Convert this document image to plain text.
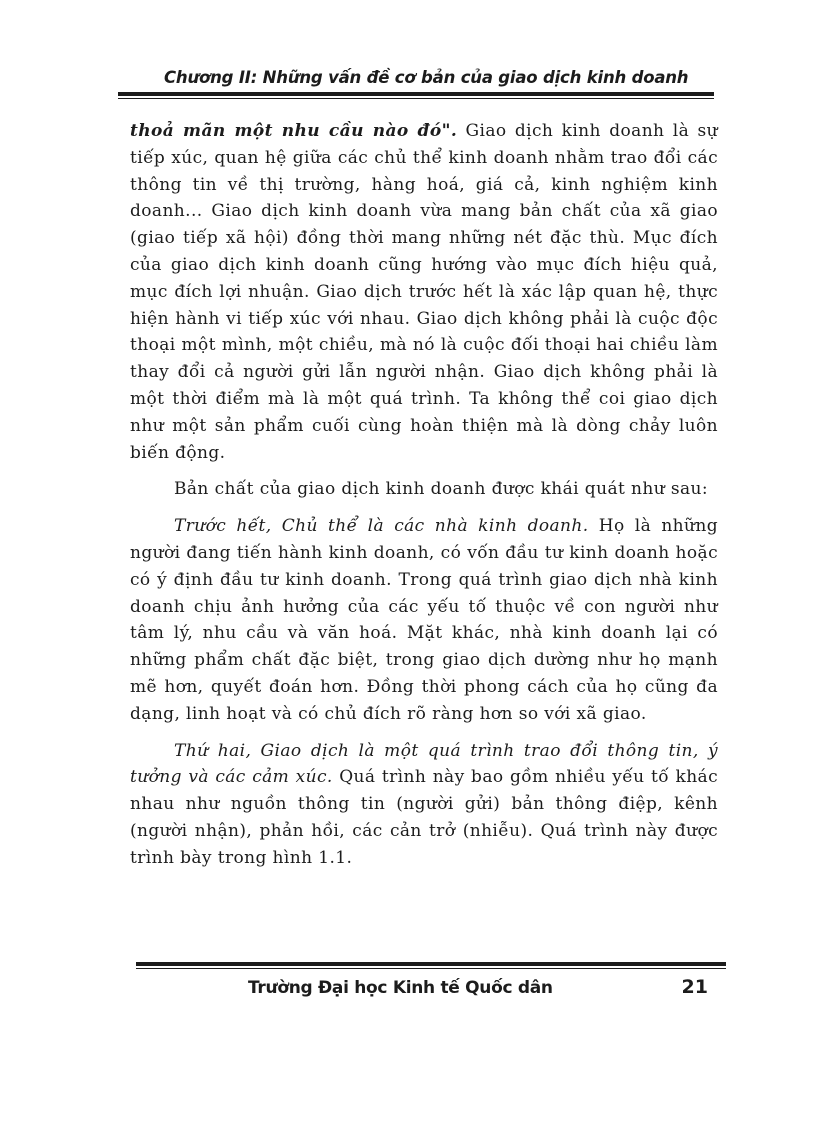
Chương II: Những vấn đề cơ bản của giao dịch kinh doanh

thoả mãn một nhu cầu nào đó". Giao dịch kinh doanh là sự tiếp xúc, quan hệ giữa các chủ thể kinh doanh nhằm trao đổi các thông tin về thị trường, hàng hoá, giá cả, kinh nghiệm kinh doanh... Giao dịch kinh doanh vừa mang bản chất của xã giao (giao tiếp xã hội) đồng thời mang những nét đặc thù. Mục đích của giao dịch kinh doanh cũng hướng vào mục đích hiệu quả, mục đích lợi nhuận. Giao dịch trước hết là xác lập quan hệ, thực hiện hành vi tiếp xúc với nhau. Giao dịch không phải là cuộc độc thoại một mình, một chiều, mà nó là cuộc đối thoại hai chiều làm thay đổi cả người gửi lẫn người nhận. Giao dịch không phải là một thời điểm mà là một quá trình. Ta không thể coi giao dịch như một sản phẩm cuối cùng hoàn thiện mà là dòng chảy luôn biến động.

Bản chất của giao dịch kinh doanh được khái quát như sau:

Trước hết, Chủ thể là các nhà kinh doanh. Họ là những người đang tiến hành kinh doanh, có vốn đầu tư kinh doanh hoặc có ý định đầu tư kinh doanh. Trong quá trình giao dịch nhà kinh doanh chịu ảnh hưởng của các yếu tố thuộc về con người như tâm lý, nhu cầu và văn hoá. Mặt khác, nhà kinh doanh lại có những phẩm chất đặc biệt, trong giao dịch dường như họ mạnh mẽ hơn, quyết đoán hơn. Đồng thời phong cách của họ cũng đa dạng, linh hoạt và có chủ đích rõ ràng hơn so với xã giao.

Thứ hai, Giao dịch là một quá trình trao đổi thông tin, ý tưởng và các cảm xúc. Quá trình này bao gồm nhiều yếu tố khác nhau như nguồn thông tin (người gửi) bản thông điệp, kênh (người nhận), phản hồi, các cản trở (nhiễu). Quá trình này được trình bày trong hình 1.1.

Trường Đại học Kinh tế Quốc dân	21
